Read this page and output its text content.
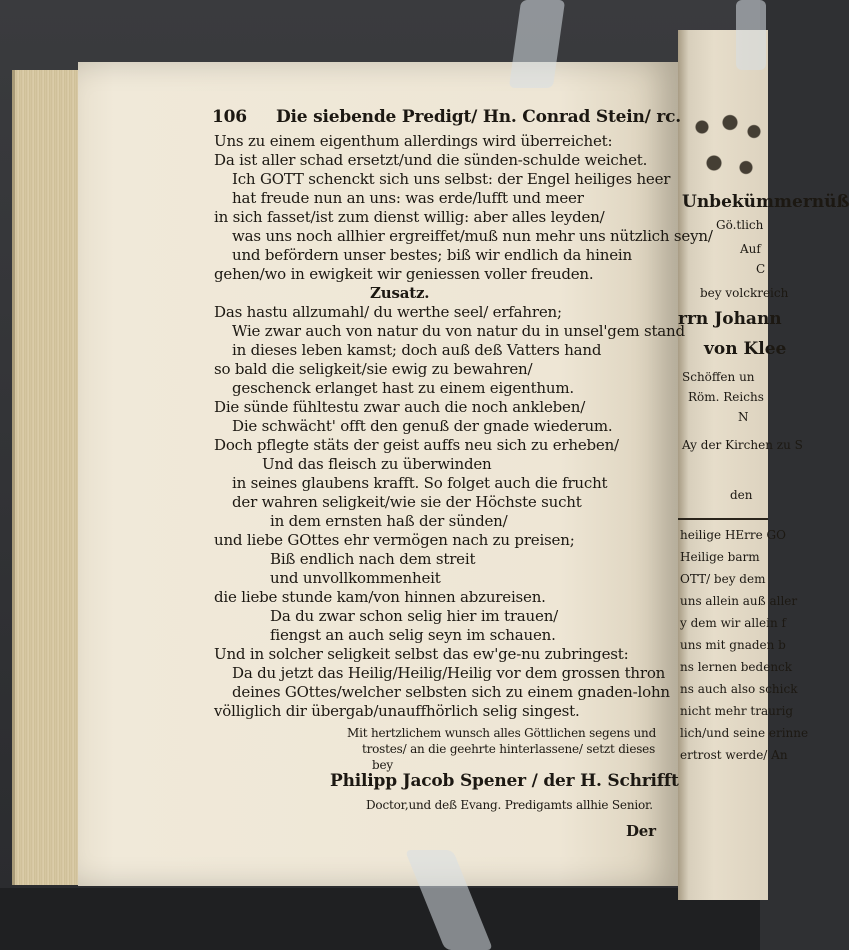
Unbekümmernüß
Gö.tlich
Auf
C
bey volckreich
rrn Johann
von Klee
Schöffen un
Röm. Reichs
N
Ay der Kirchen zu S
den
heilige HErre GO
Heilige barm
OTT/ bey dem
uns allein auß aller
y dem wir allein f
uns mit gnaden b
ns lernen bedenck
ns auch also schick
nicht mehr traurig
lich/und seine erinne
ertrost werde/ An
106 Die siebende Predigt/ Hn. Conrad Stein/ rc.
Uns zu einem eigenthum allerdings wird überreichet:
Da ist aller schad ersetzt/und die sünden-schulde weichet.
Ich GOTT schenckt sich uns selbst: der Engel heiliges heer
hat freude nun an uns: was erde/lufft und meer
in sich fasset/ist zum dienst willig: aber alles leyden/
was uns noch allhier ergreiffet/muß nun mehr uns nützlich seyn/
und befördern unser bestes; biß wir endlich da hinein
gehen/wo in ewigkeit wir geniessen voller freuden.
Zusatz.
Das hastu allzumahl/ du werthe seel/ erfahren;
Wie zwar auch von natur du von natur du in unsel'gem stand
in dieses leben kamst; doch auß deß Vatters hand
so bald die seligkeit/sie ewig zu bewahren/
geschenck erlanget hast zu einem eigenthum.
Die sünde fühltestu zwar auch die noch ankleben/
Die schwächt' offt den genuß der gnade wiederum.
Doch pflegte stäts der geist auffs neu sich zu erheben/
Und das fleisch zu überwinden
in seines glaubens krafft. So folget auch die frucht
der wahren seligkeit/wie sie der Höchste sucht
in dem ernsten haß der sünden/
und liebe GOttes ehr vermögen nach zu preisen;
Biß endlich nach dem streit
und unvollkommenheit
die liebe stunde kam/von hinnen abzureisen.
Da du zwar schon selig hier im trauen/
fiengst an auch selig seyn im schauen.
Und in solcher seligkeit selbst das ew'ge-nu zubringest:
Da du jetzt das Heilig/Heilig/Heilig vor dem grossen thron
deines GOttes/welcher selbsten sich zu einem gnaden-lohn
völliglich dir übergab/unauffhörlich selig singest.
Mit hertzlichem wunsch alles Göttlichen segens und
trostes/ an die geehrte hinterlassene/ setzt dieses
bey
Philipp Jacob Spener / der H. Schrifft
Doctor,und deß Evang. Predigamts allhie Senior.
Der
